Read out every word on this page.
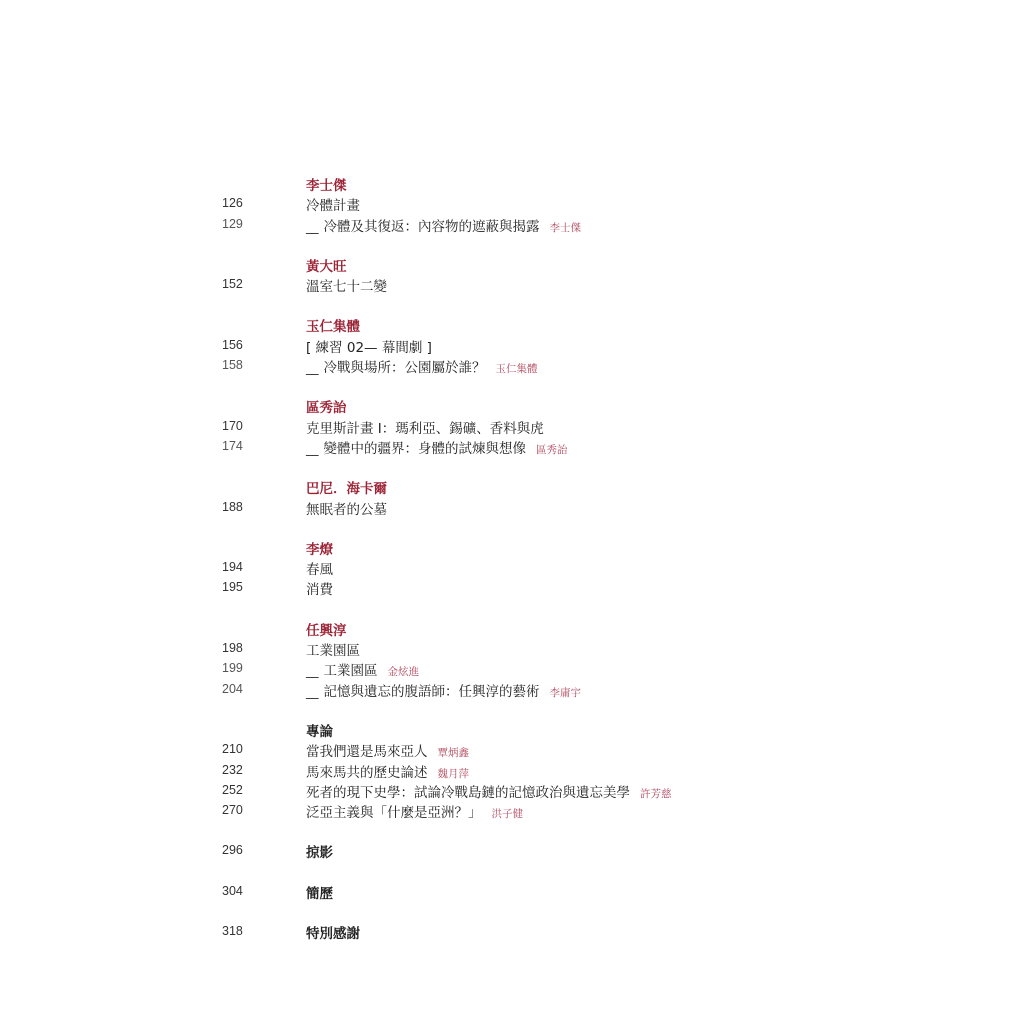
李士傑
126	冷體計畫
129	__ 冷體及其復返：內容物的遮蔽與揭露 李士傑
黃大旺
152	溫室七十二變
玉仁集體
156	[ 練習 02— 幕間劇 ]
158	__ 冷戰與場所：公園屬於誰？ 玉仁集體
區秀詒
170	克里斯計畫 I：瑪利亞、錫礦、香料與虎
174	__ 變體中的疆界：身體的試煉與想像 區秀詒
巴尼．海卡爾
188	無眠者的公墓
李燎
194	春風
195	消費
任興淳
198	工業園區
199	__ 工業園區 金炫進
204	__ 記憶與遺忘的腹語師：任興淳的藝術 李庸宇
專論
210	當我們還是馬來亞人 覃炳鑫
232	馬來馬共的歷史論述 魏月萍
252	死者的現下史學：試論冷戰島鏈的記憶政治與遺忘美學 許芳慈
270	泛亞主義與「什麼是亞洲？」 洪子健
296	掠影
304	簡歷
318	特別感謝
